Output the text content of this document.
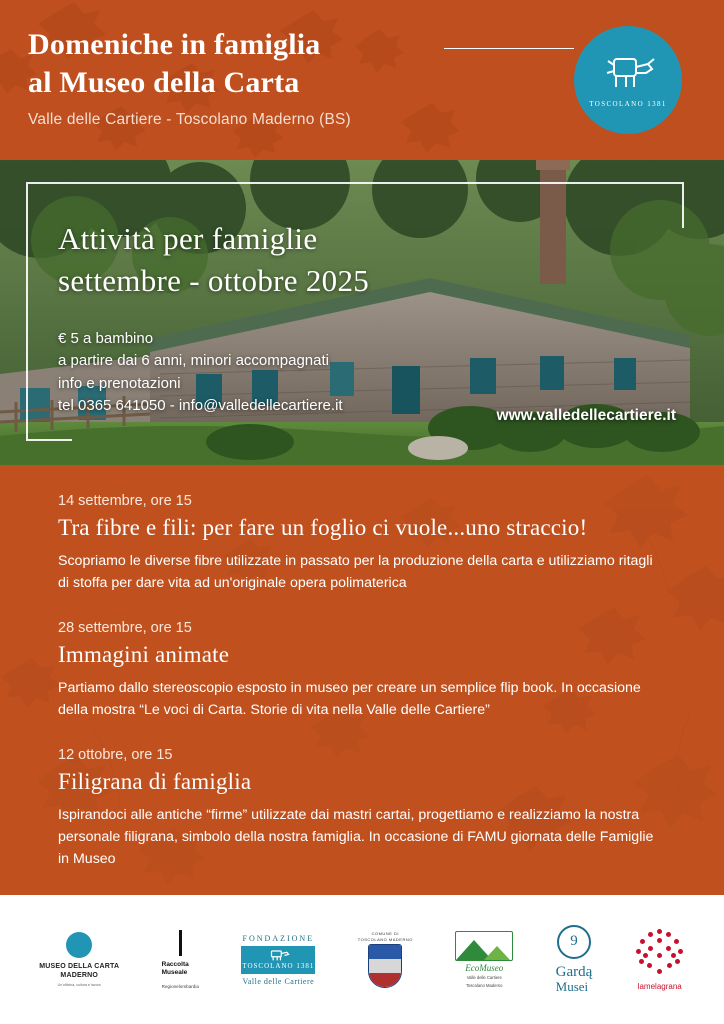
Domeniche in famiglia
al Museo della Carta
Valle delle Cartiere - Toscolano Maderno (BS)
TOSCOLANO 1381
Attività per famiglie
settembre - ottobre 2025
€ 5 a bambino
a partire dai 6 anni, minori accompagnati
info e prenotazioni
tel 0365 641050 - info@valledellecartiere.it
www.valledellecartiere.it
14 settembre, ore 15
Tra fibre e fili: per fare un foglio ci vuole...uno straccio!
Scopriamo le diverse fibre utilizzate in passato per la produzione della carta e utilizziamo ritagli di stoffa per dare vita ad un'originale opera polimaterica
28 settembre, ore 15
Immagini animate
Partiamo dallo stereoscopio esposto in museo per creare un semplice flip book. In occasione della mostra “Le voci di Carta. Storie di vita nella Valle delle Cartiere”
12 ottobre, ore 15
Filigrana di famiglia
Ispirandoci alle antiche “firme” utilizzate dai mastri cartai, progettiamo e realizziamo la nostra personale filigrana, simbolo della nostra famiglia. In occasione di FAMU giornata delle Famiglie in Museo
MUSEO DELLA CARTA
MADERNO
Un'officina, cultura e lavoro
Raccolta
Museale
Regionelombardia
FONDAZIONE
TOSCOLANO 1381
Valle delle Cartiere
COMUNE DI
TOSCOLANO MADERNO
EcoMuseo
Valle delle Cartiere
Toscolano Maderno
9
Gardą
Musei	lamelagrana
